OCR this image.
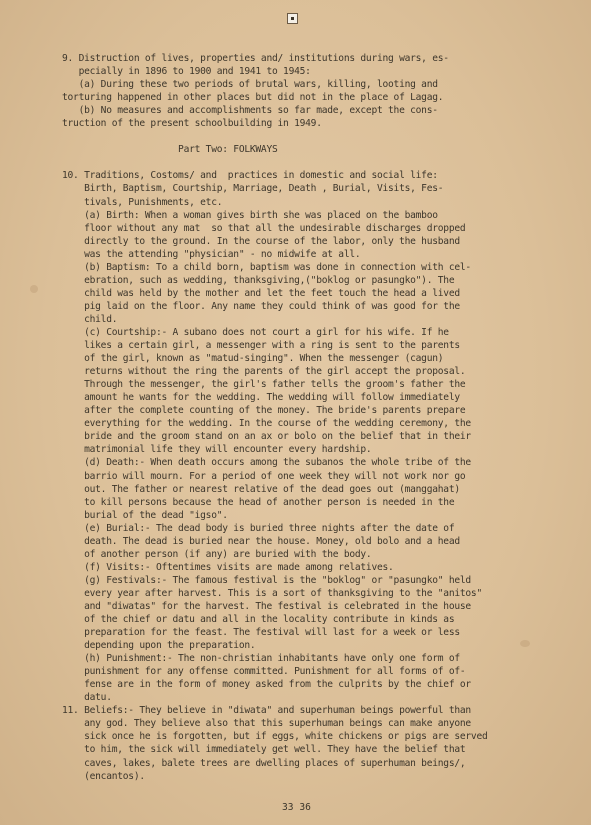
9. Distruction of lives, properties and/ institutions during wars, es-
pecially in 1896 to 1900 and 1941 to 1945:
(a) During these two periods of brutal wars, killing, looting and
torturing happened in other places but did not in the place of Lagag.
(b) No measures and accomplishments so far made, except the cons-
truction of the present schoolbuilding in 1949.
Part Two: FOLKWAYS
10. Traditions, Costoms/ and  practices in domestic and social life:
Birth, Baptism, Courtship, Marriage, Death , Burial, Visits, Fes-
tivals, Punishments, etc.
(a) Birth: When a woman gives birth she was placed on the bamboo
floor without any mat  so that all the undesirable discharges dropped
directly to the ground. In the course of the labor, only the husband
was the attending "physician" - no midwife at all.
(b) Baptism: To a child born, baptism was done in connection with cel-
ebration, such as wedding, thanksgiving,("boklog or pasungko"). The
child was held by the mother and let the feet touch the head a lived
pig laid on the floor. Any name they could think of was good for the
child.
(c) Courtship:- A subano does not court a girl for his wife. If he
likes a certain girl, a messenger with a ring is sent to the parents
of the girl, known as "matud-singing". When the messenger (cagun)
returns without the ring the parents of the girl accept the proposal.
Through the messenger, the girl's father tells the groom's father the
amount he wants for the wedding. The wedding will follow immediately
after the complete counting of the money. The bride's parents prepare
everything for the wedding. In the course of the wedding ceremony, the
bride and the groom stand on an ax or bolo on the belief that in their
matrimonial life they will encounter every hardship.
(d) Death:- When death occurs among the subanos the whole tribe of the
barrio will mourn. For a period of one week they will not work nor go
out. The father or nearest relative of the dead goes out (manggahat)
to kill persons because the head of another person is needed in the
burial of the dead "igso".
(e) Burial:- The dead body is buried three nights after the date of
death. The dead is buried near the house. Money, old bolo and a head
of another person (if any) are buried with the body.
(f) Visits:- Oftentimes visits are made among relatives.
(g) Festivals:- The famous festival is the "boklog" or "pasungko" held
every year after harvest. This is a sort of thanksgiving to the "anitos"
and "diwatas" for the harvest. The festival is celebrated in the house
of the chief or datu and all in the locality contribute in kinds as
preparation for the feast. The festival will last for a week or less
depending upon the preparation.
(h) Punishment:- The non-christian inhabitants have only one form of
punishment for any offense committed. Punishment for all forms of of-
fense are in the form of money asked from the culprits by the chief or
datu.
11. Beliefs:- They believe in "diwata" and superhuman beings powerful than
any god. They believe also that this superhuman beings can make anyone
sick once he is forgotten, but if eggs, white chickens or pigs are served
to him, the sick will immediately get well. They have the belief that
caves, lakes, balete trees are dwelling places of superhuman beings/,
(encantos).
33 36
